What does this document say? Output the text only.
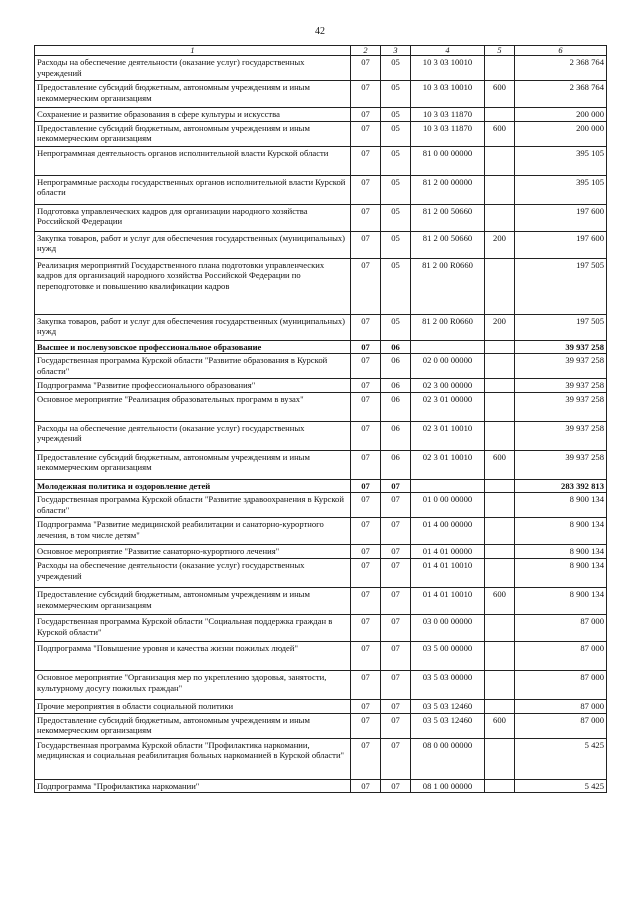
42
1	2	3	4	5	6
Расходы на обеспечение деятельности (оказание услуг) государственных учреждений	07	05	10 3 03 10010		2 368 764
Предоставление субсидий бюджетным, автономным учреждениям и иным некоммерческим организациям	07	05	10 3 03 10010	600	2 368 764
Сохранение и развитие образования в сфере культуры и искусства	07	05	10 3 03 11870		200 000
Предоставление субсидий бюджетным, автономным учреждениям и иным некоммерческим организациям	07	05	10 3 03 11870	600	200 000
Непрограммная деятельность органов исполнительной власти Курской области	07	05	81 0 00 00000		395 105
Непрограммные расходы государственных органов исполнительной власти Курской области	07	05	81 2 00 00000		395 105
Подготовка управленческих кадров для организации народного хозяйства Российской Федерации	07	05	81 2 00 50660		197 600
Закупка товаров, работ и услуг для обеспечения государственных (муниципальных) нужд	07	05	81 2 00 50660	200	197 600
Реализация мероприятий Государственного плана подготовки управленческих кадров для организаций народного хозяйства Российской Федерации по переподготовке и повышению квалификации кадров	07	05	81 2 00 R0660		197 505
Закупка товаров, работ и услуг для обеспечения государственных (муниципальных) нужд	07	05	81 2 00 R0660	200	197 505
Высшее и послевузовское профессиональное образование	07	06			39 937 258
Государственная программа Курской области "Развитие образования в Курской области"	07	06	02 0 00 00000		39 937 258
Подпрограмма "Развитие профессионального образования"	07	06	02 3 00 00000		39 937 258
Основное мероприятие "Реализация образовательных программ в вузах"	07	06	02 3 01 00000		39 937 258
Расходы на обеспечение деятельности (оказание услуг) государственных учреждений	07	06	02 3 01 10010		39 937 258
Предоставление субсидий бюджетным, автономным учреждениям и иным некоммерческим организациям	07	06	02 3 01 10010	600	39 937 258
Молодежная политика и оздоровление детей	07	07			283 392 813
Государственная программа Курской области "Развитие здравоохранения в Курской области"	07	07	01 0 00 00000		8 900 134
Подпрограмма "Развитие медицинской реабилитации и санаторно-курортного лечения, в том числе детям"	07	07	01 4 00 00000		8 900 134
Основное мероприятие "Развитие санаторно-курортного лечения"	07	07	01 4 01 00000		8 900 134
Расходы на обеспечение деятельности (оказание услуг) государственных учреждений	07	07	01 4 01 10010		8 900 134
Предоставление субсидий бюджетным, автономным учреждениям и иным некоммерческим организациям	07	07	01 4 01 10010	600	8 900 134
Государственная программа Курской области "Социальная поддержка граждан в Курской области"	07	07	03 0 00 00000		87 000
Подпрограмма "Повышение уровня и качества жизни пожилых людей"	07	07	03 5 00 00000		87 000
Основное мероприятие "Организация мер по укреплению здоровья, занятости, культурному досугу пожилых граждан"	07	07	03 5 03 00000		87 000
Прочие мероприятия в области социальной политики	07	07	03 5 03 12460		87 000
Предоставление субсидий бюджетным, автономным учреждениям и иным некоммерческим организациям	07	07	03 5 03 12460	600	87 000
Государственная программа Курской области "Профилактика наркомании, медицинская и социальная реабилитация больных наркоманией в Курской области"	07	07	08 0 00 00000		5 425
Подпрограмма "Профилактика наркомании"	07	07	08 1 00 00000		5 425
